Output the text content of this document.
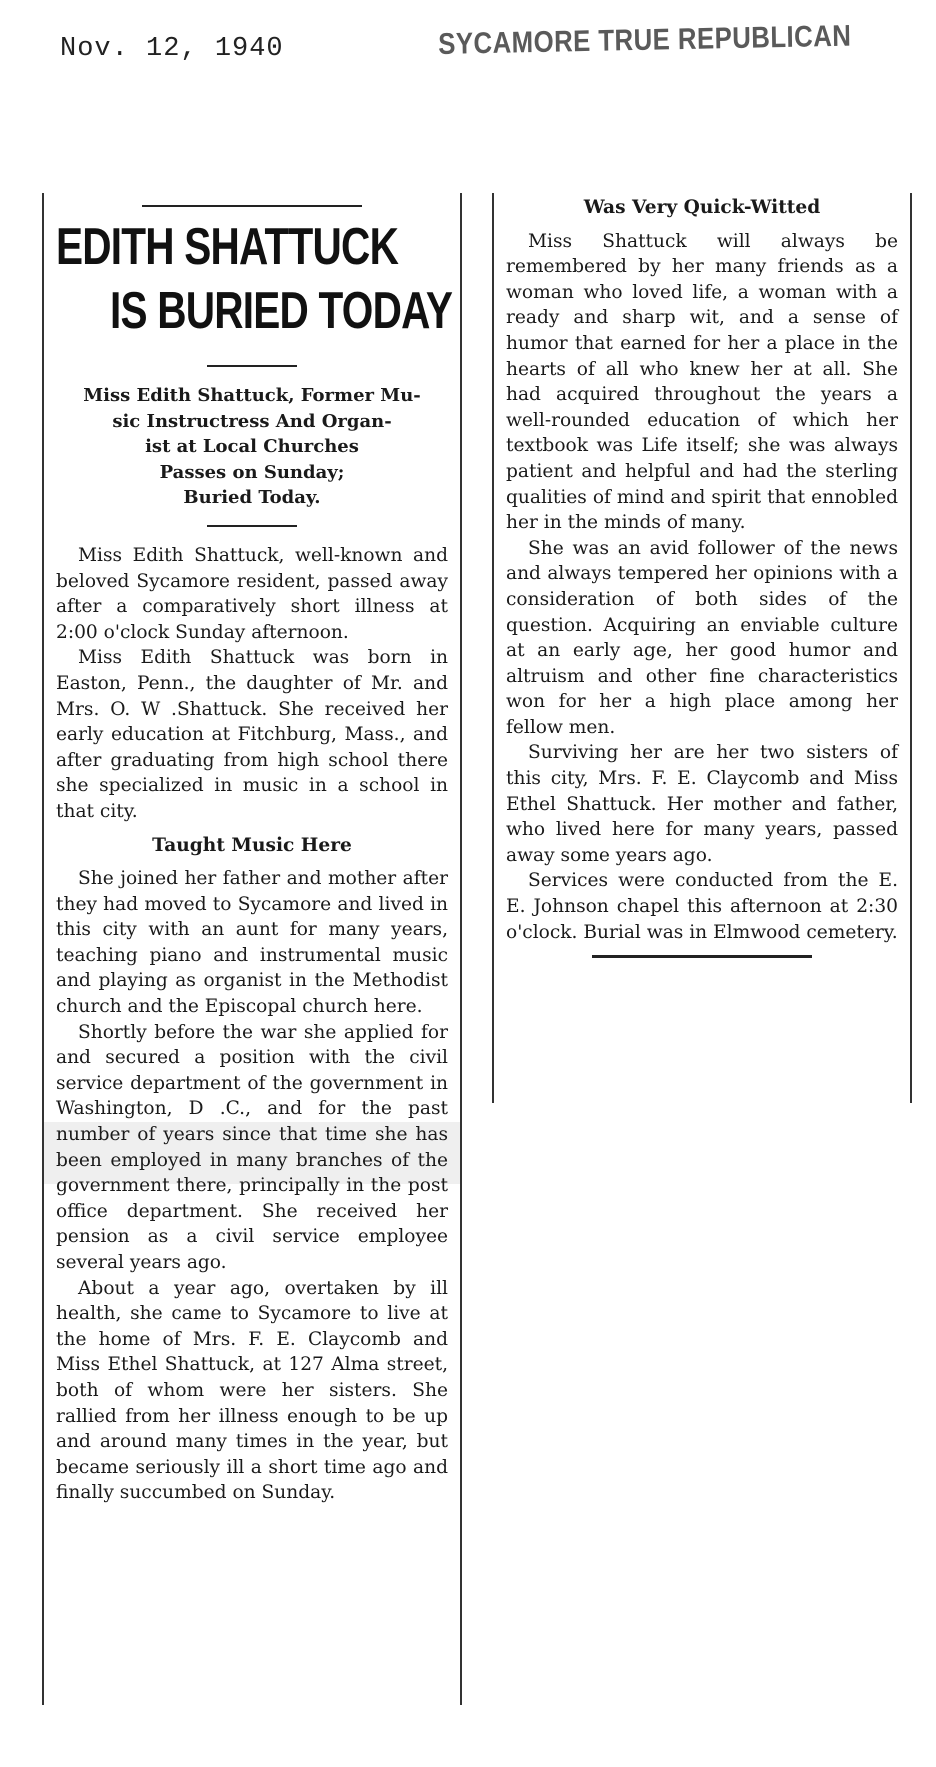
Nov. 12, 1940	SYCAMORE TRUE REPUBLICAN
EDITH SHATTUCK
IS BURIED TODAY
Miss Edith Shattuck, Former Mu-
sic Instructress And Organ-
ist at Local Churches
Passes on Sunday;
Buried Today.

Miss Edith Shattuck, well-known and beloved Sycamore resident, passed away after a comparatively short illness at 2:00 o'clock Sunday afternoon.

Miss Edith Shattuck was born in Easton, Penn., the daughter of Mr. and Mrs. O. W .Shattuck. She received her early education at Fitchburg, Mass., and after graduating from high school there she specialized in music in a school in that city.

Taught Music Here

She joined her father and mother after they had moved to Sycamore and lived in this city with an aunt for many years, teaching piano and instrumental music and playing as organist in the Methodist church and the Episcopal church here.

Shortly before the war she applied for and secured a position with the civil service department of the government in Washington, D .C., and for the past number of years since that time she has been employed in many branches of the government there, principally in the post office department. She received her pension as a civil service employee several years ago.

About a year ago, overtaken by ill health, she came to Sycamore to live at the home of Mrs. F. E. Claycomb and Miss Ethel Shattuck, at 127 Alma street, both of whom were her sisters. She rallied from her illness enough to be up and around many times in the year, but became seriously ill a short time ago and finally succumbed on Sunday.

Was Very Quick-Witted

Miss Shattuck will always be remembered by her many friends as a woman who loved life, a woman with a ready and sharp wit, and a sense of humor that earned for her a place in the hearts of all who knew her at all. She had acquired throughout the years a well-rounded education of which her textbook was Life itself; she was always patient and helpful and had the sterling qualities of mind and spirit that ennobled her in the minds of many.

She was an avid follower of the news and always tempered her opinions with a consideration of both sides of the question. Acquiring an enviable culture at an early age, her good humor and altruism and other fine characteristics won for her a high place among her fellow men.

Surviving her are her two sisters of this city, Mrs. F. E. Claycomb and Miss Ethel Shattuck. Her mother and father, who lived here for many years, passed away some years ago.

Services were conducted from the E. E. Johnson chapel this afternoon at 2:30 o'clock. Burial was in Elmwood cemetery.
